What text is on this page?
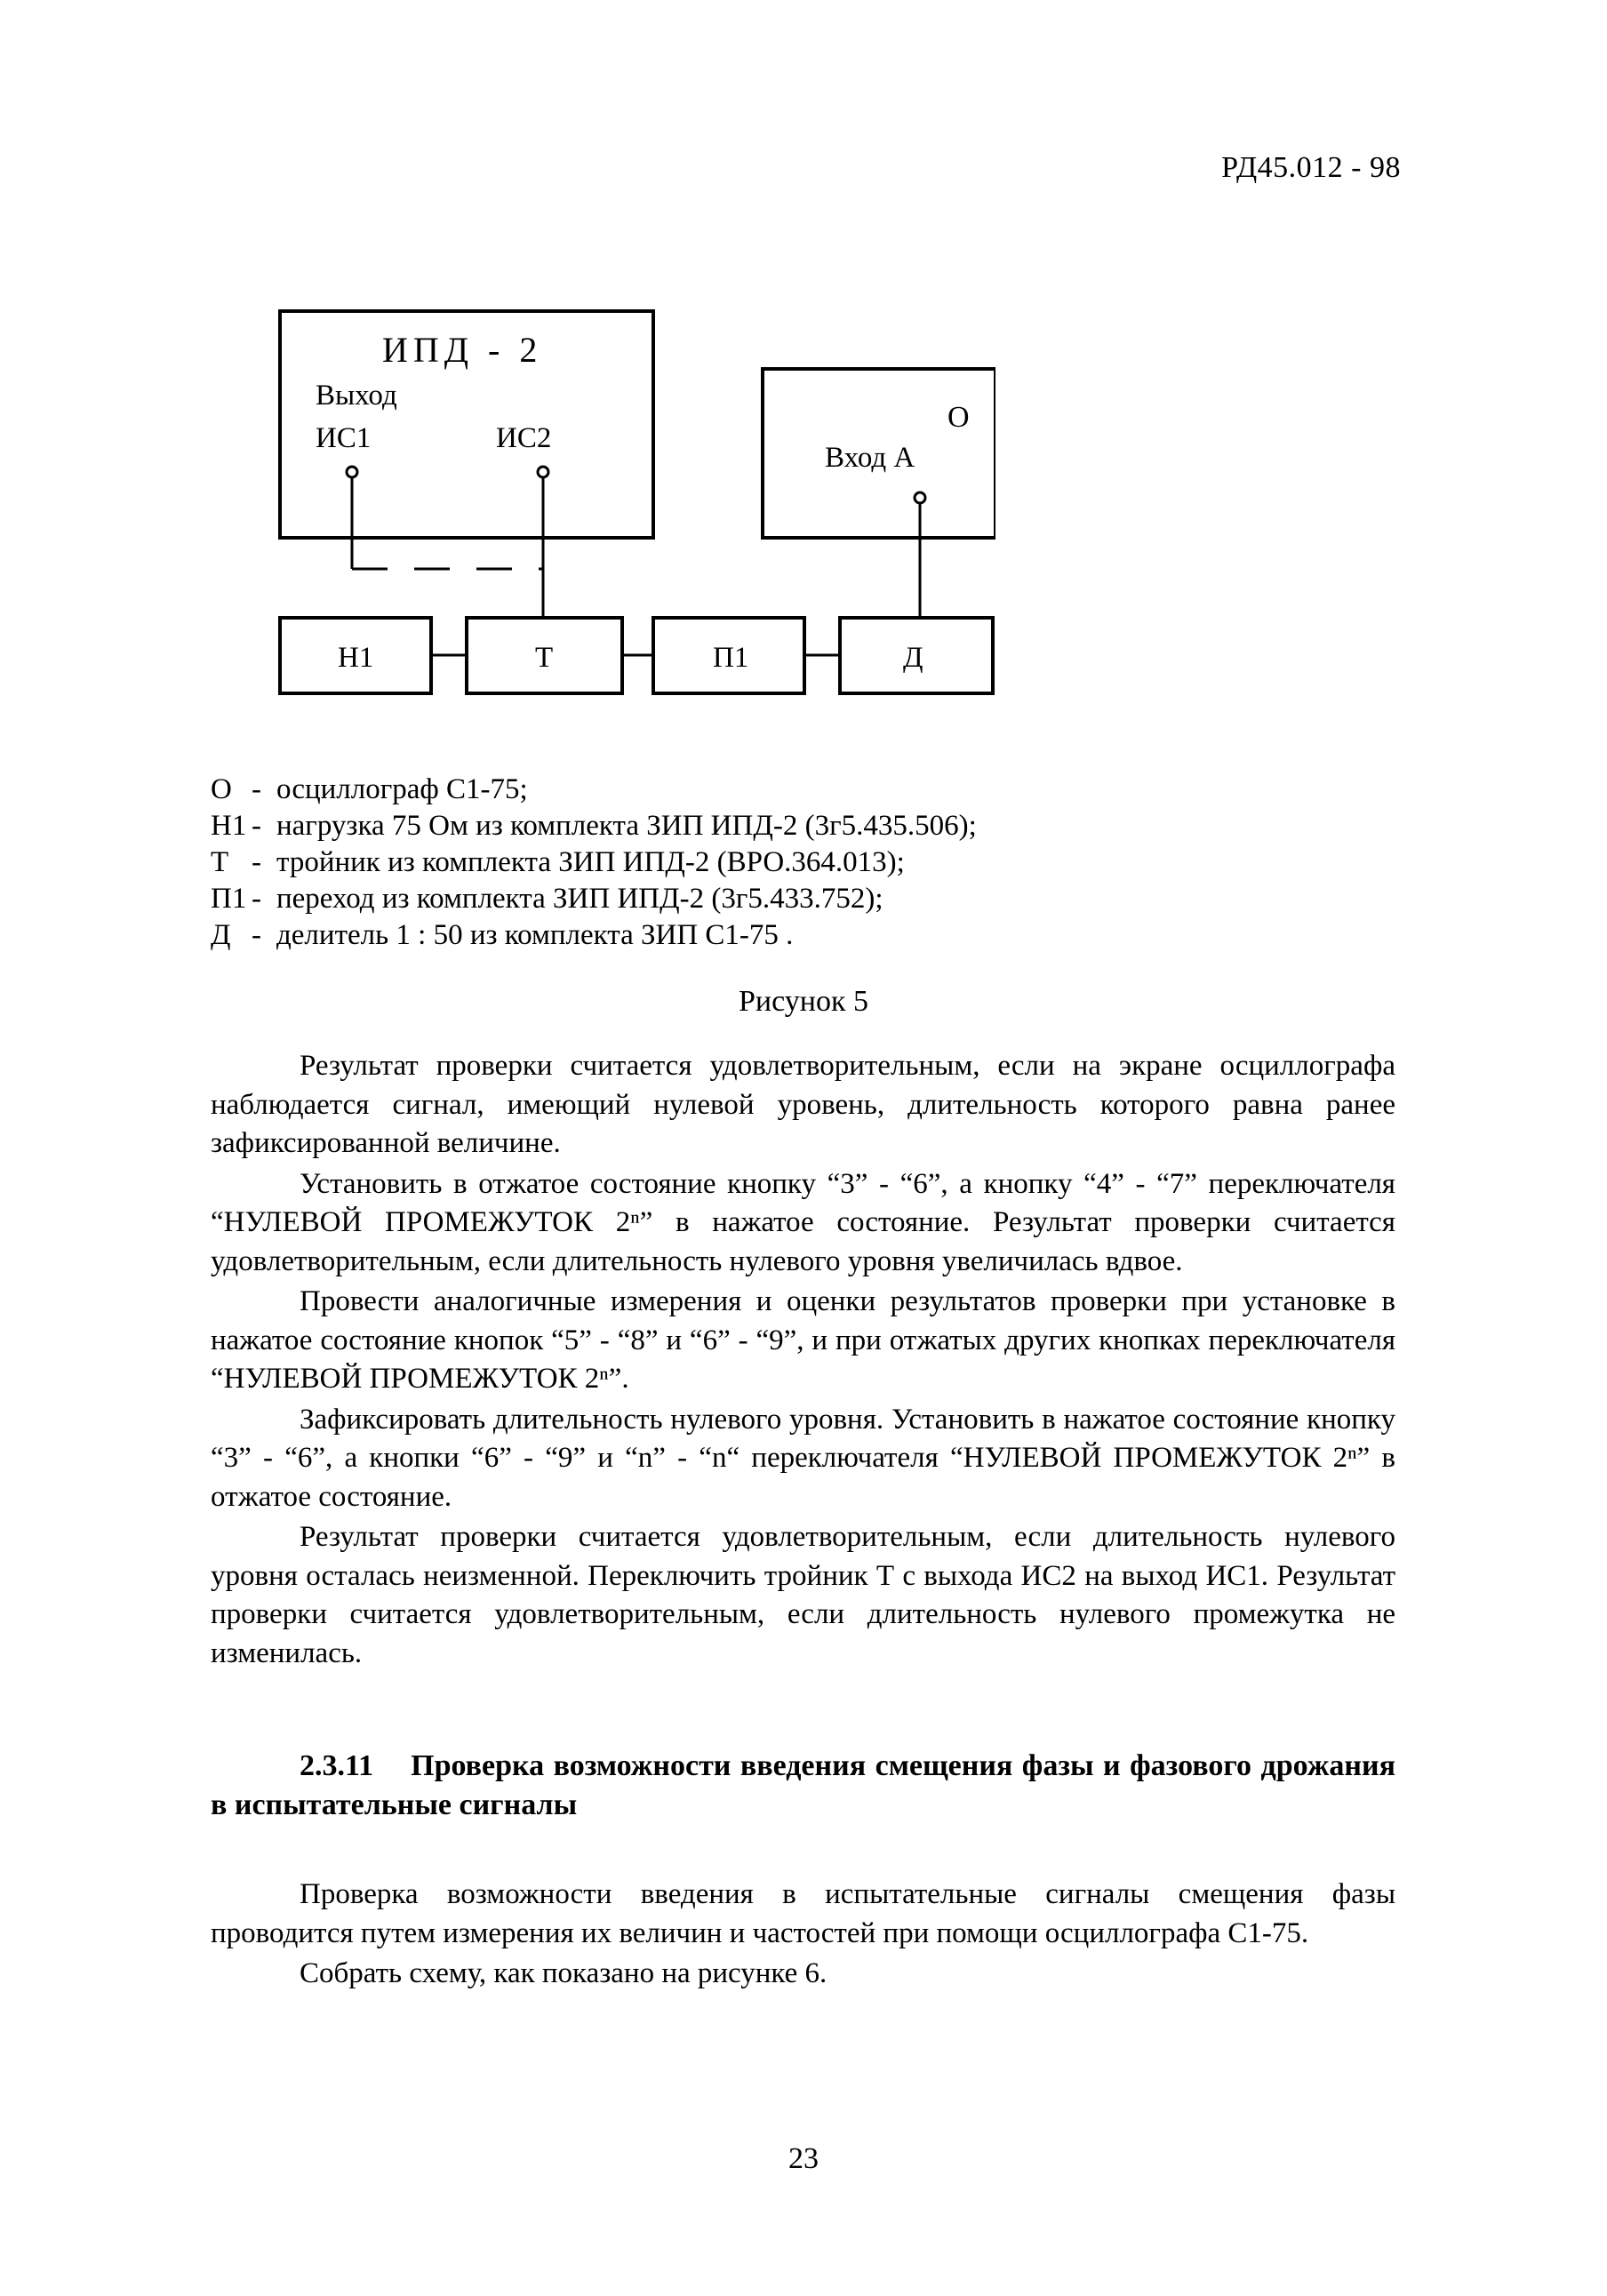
РД45.012 - 98
ИПД - 2
Выход
ИС1	ИС2
О
Вход А
Н1	Т	П1	Д
О - осциллограф С1-75;
Н1 - нагрузка 75 Ом из комплекта ЗИП ИПД-2 (3г5.435.506);
Т - тройник из комплекта ЗИП ИПД-2 (ВРО.364.013);
П1 - переход из комплекта ЗИП ИПД-2 (3г5.433.752);
Д - делитель 1 : 50 из комплекта ЗИП С1-75 .
Рисунок 5

Результат проверки считается удовлетворительным, если на экране осциллографа наблюдается сигнал, имеющий нулевой уровень, длительность которого равна ранее зафиксированной величине.

Установить в отжатое состояние кнопку “3” - “6”, а кнопку “4” - “7” переключателя “НУЛЕВОЙ ПРОМЕЖУТОК 2ⁿ” в нажатое состояние. Результат проверки считается удовлетворительным, если длительность нулевого уровня увеличилась вдвое.

Провести аналогичные измерения и оценки результатов проверки при установке в нажатое состояние кнопок “5” - “8” и “6” - “9”, и при отжатых других кнопках переключателя “НУЛЕВОЙ ПРОМЕЖУТОК 2ⁿ”.

Зафиксировать длительность нулевого уровня. Установить в нажатое состояние кнопку “3” - “6”, а кнопки “6” - “9” и “n” - “n“ переключателя “НУЛЕВОЙ ПРОМЕЖУТОК 2ⁿ” в отжатое состояние.

Результат проверки считается удовлетворительным, если длительность нулевого уровня осталась неизменной. Переключить тройник Т с выхода ИС2 на выход ИС1. Результат проверки считается удовлетворительным, если длительность нулевого промежутка не изменилась.

2.3.11 Проверка возможности введения смещения фазы и фазового дрожания в испытательные сигналы

Проверка возможности введения в испытательные сигналы смещения фазы проводится путем измерения их величин и частостей при помощи осциллографа С1-75.

Собрать схему, как показано на рисунке 6.

23
